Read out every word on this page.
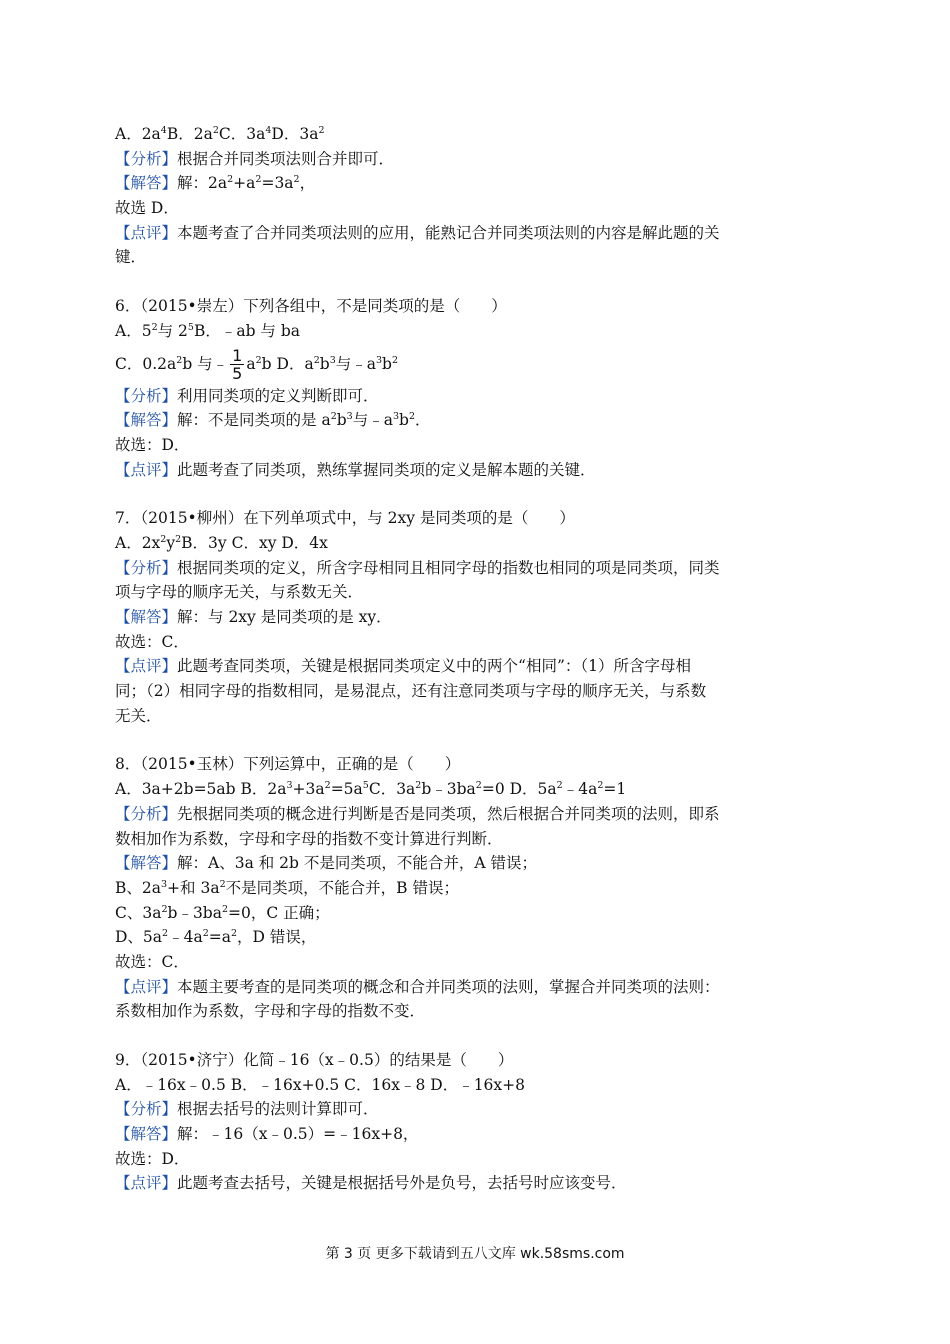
A．$2a^4B$．$2a^2C$．$3a^4D$．$3a^2$
【分析】根据合并同类项法则合并即可．
【解答】解：$2a^2+a^2=3a^2$，
故选 D．
【点评】本题考查了合并同类项法则的应用，能熟记合并同类项法则的内容是解此题的关
键．
6．（2015•崇左）下列各组中，不是同类项的是（　　）
A．$5^2$与 $2^5B$．﹣ab 与 ba
C．$0.2a^2b$ 与﹣ $\frac{1}{5} a^2b$ D．$a^2b^3$与$﹣a^3b^2$
【分析】利用同类项的定义判断即可．
【解答】解：不是同类项的是 $a^2b^3$与$﹣a^3b^2$．
故选：D．
【点评】此题考查了同类项，熟练掌握同类项的定义是解本题的关键．
7．（2015•柳州）在下列单项式中，与 2xy 是同类项的是（　　）
A．$2x^2y^2B$．3y C．xy D．4x
【分析】根据同类项的定义，所含字母相同且相同字母的指数也相同的项是同类项，同类
项与字母的顺序无关，与系数无关．
【解答】解：与 2xy 是同类项的是 xy．
故选：C．
【点评】此题考查同类项，关键是根据同类项定义中的两个“相同”：（1）所含字母相
同；（2）相同字母的指数相同，是易混点，还有注意同类项与字母的顺序无关，与系数
无关．
8．（2015•玉林）下列运算中，正确的是（　　）
A．3a+2b=5ab B．$2a^3+3a^2=5a^5C$．$3a^2b﹣3ba^2=0$ D．$5a^2﹣4a^2=1$
【分析】先根据同类项的概念进行判断是否是同类项，然后根据合并同类项的法则，即系
数相加作为系数，字母和字母的指数不变计算进行判断．
【解答】解：A、3a 和 2b 不是同类项，不能合并，A 错误；
B、$2a^3+$和 $3a^2$不是同类项，不能合并，B 错误；
C、$3a^2b﹣3ba^2=0$，C 正确；
D、$5a^2﹣4a^2=a^2$，D 错误，
故选：C．
【点评】本题主要考查的是同类项的概念和合并同类项的法则，掌握合并同类项的法则：
系数相加作为系数，字母和字母的指数不变．
9．（2015•济宁）化简﹣16（x﹣0.5）的结果是（　　）
A．﹣16x﹣0.5 B．﹣16x+0.5 C．16x﹣8 D．﹣16x+8
【分析】根据去括号的法则计算即可．
【解答】解：﹣16（x﹣0.5）=﹣16x+8，
故选：D．
【点评】此题考查去括号，关键是根据括号外是负号，去括号时应该变号．
第 3 页 更多下载请到五八文库 wk.58sms.com
